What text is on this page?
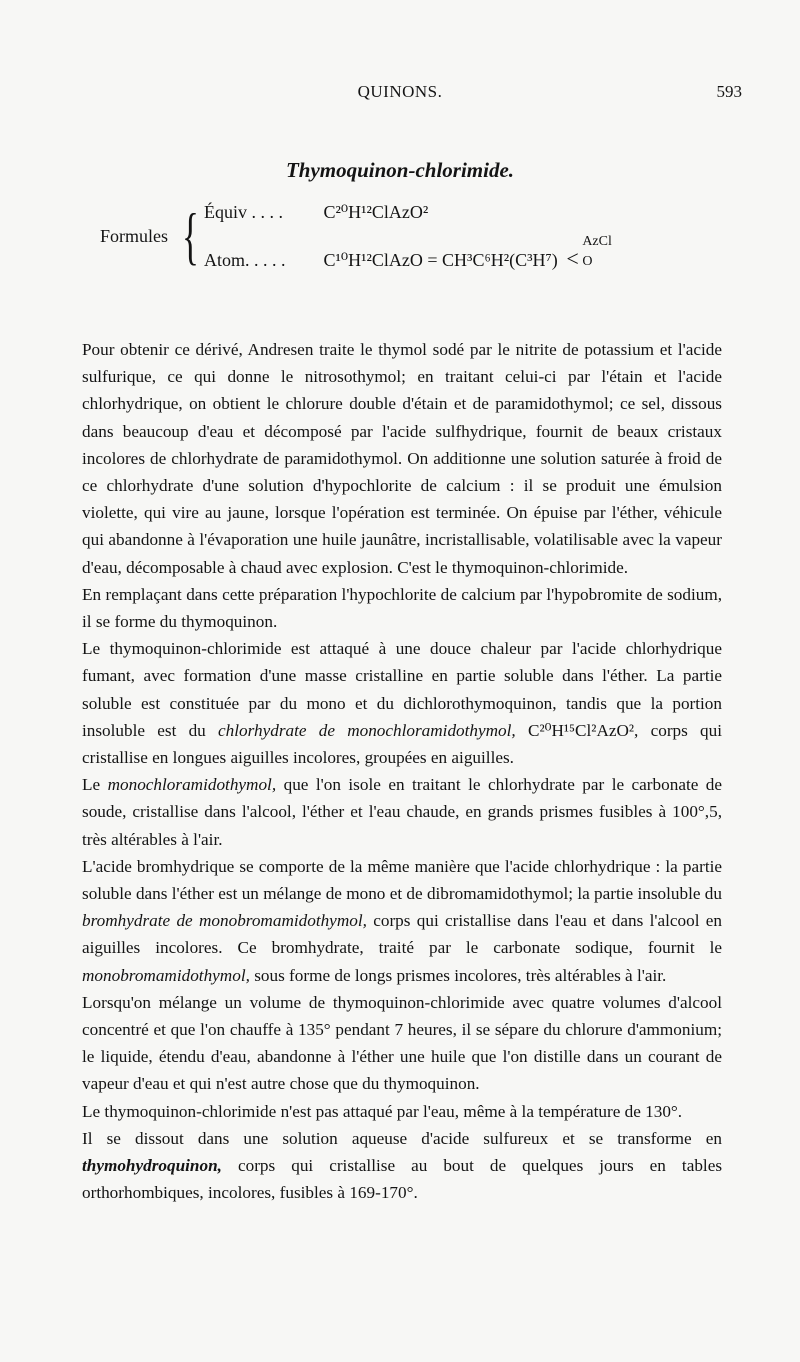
QUINONS.	593
Thymoquinon-chlorimide.
Formules { Équiv . . . . C²⁰H¹²ClAzO²
Atom. . . . . C¹⁰H¹²ClAzO = CH³C⁶H²(C³H⁷) <
AzCl
O

Pour obtenir ce dérivé, Andresen traite le thymol sodé par le nitrite de potassium et l'acide sulfurique, ce qui donne le nitrosothymol; en traitant celui-ci par l'étain et l'acide chlorhydrique, on obtient le chlorure double d'étain et de paramidothymol; ce sel, dissous dans beaucoup d'eau et décomposé par l'acide sulfhydrique, fournit de beaux cristaux incolores de chlorhydrate de paramidothymol. On additionne une solution saturée à froid de ce chlorhydrate d'une solution d'hypochlorite de calcium : il se produit une émulsion violette, qui vire au jaune, lorsque l'opération est terminée. On épuise par l'éther, véhicule qui abandonne à l'évaporation une huile jaunâtre, incristallisable, volatilisable avec la vapeur d'eau, décomposable à chaud avec explosion. C'est le thymoquinon-chlorimide.

En remplaçant dans cette préparation l'hypochlorite de calcium par l'hypobromite de sodium, il se forme du thymoquinon.

Le thymoquinon-chlorimide est attaqué à une douce chaleur par l'acide chlorhydrique fumant, avec formation d'une masse cristalline en partie soluble dans l'éther. La partie soluble est constituée par du mono et du dichlorothymoquinon, tandis que la portion insoluble est du chlorhydrate de monochloramidothymol, C²⁰H¹⁵Cl²AzO², corps qui cristallise en longues aiguilles incolores, groupées en aiguilles.

Le monochloramidothymol, que l'on isole en traitant le chlorhydrate par le carbonate de soude, cristallise dans l'alcool, l'éther et l'eau chaude, en grands prismes fusibles à 100°,5, très altérables à l'air.

L'acide bromhydrique se comporte de la même manière que l'acide chlorhydrique : la partie soluble dans l'éther est un mélange de mono et de dibromamidothymol; la partie insoluble du bromhydrate de monobromamidothymol, corps qui cristallise dans l'eau et dans l'alcool en aiguilles incolores. Ce bromhydrate, traité par le carbonate sodique, fournit le monobromamidothymol, sous forme de longs prismes incolores, très altérables à l'air.

Lorsqu'on mélange un volume de thymoquinon-chlorimide avec quatre volumes d'alcool concentré et que l'on chauffe à 135° pendant 7 heures, il se sépare du chlorure d'ammonium; le liquide, étendu d'eau, abandonne à l'éther une huile que l'on distille dans un courant de vapeur d'eau et qui n'est autre chose que du thymoquinon.

Le thymoquinon-chlorimide n'est pas attaqué par l'eau, même à la température de 130°.

Il se dissout dans une solution aqueuse d'acide sulfureux et se transforme en thymohydroquinon, corps qui cristallise au bout de quelques jours en tables orthorhombiques, incolores, fusibles à 169-170°.
